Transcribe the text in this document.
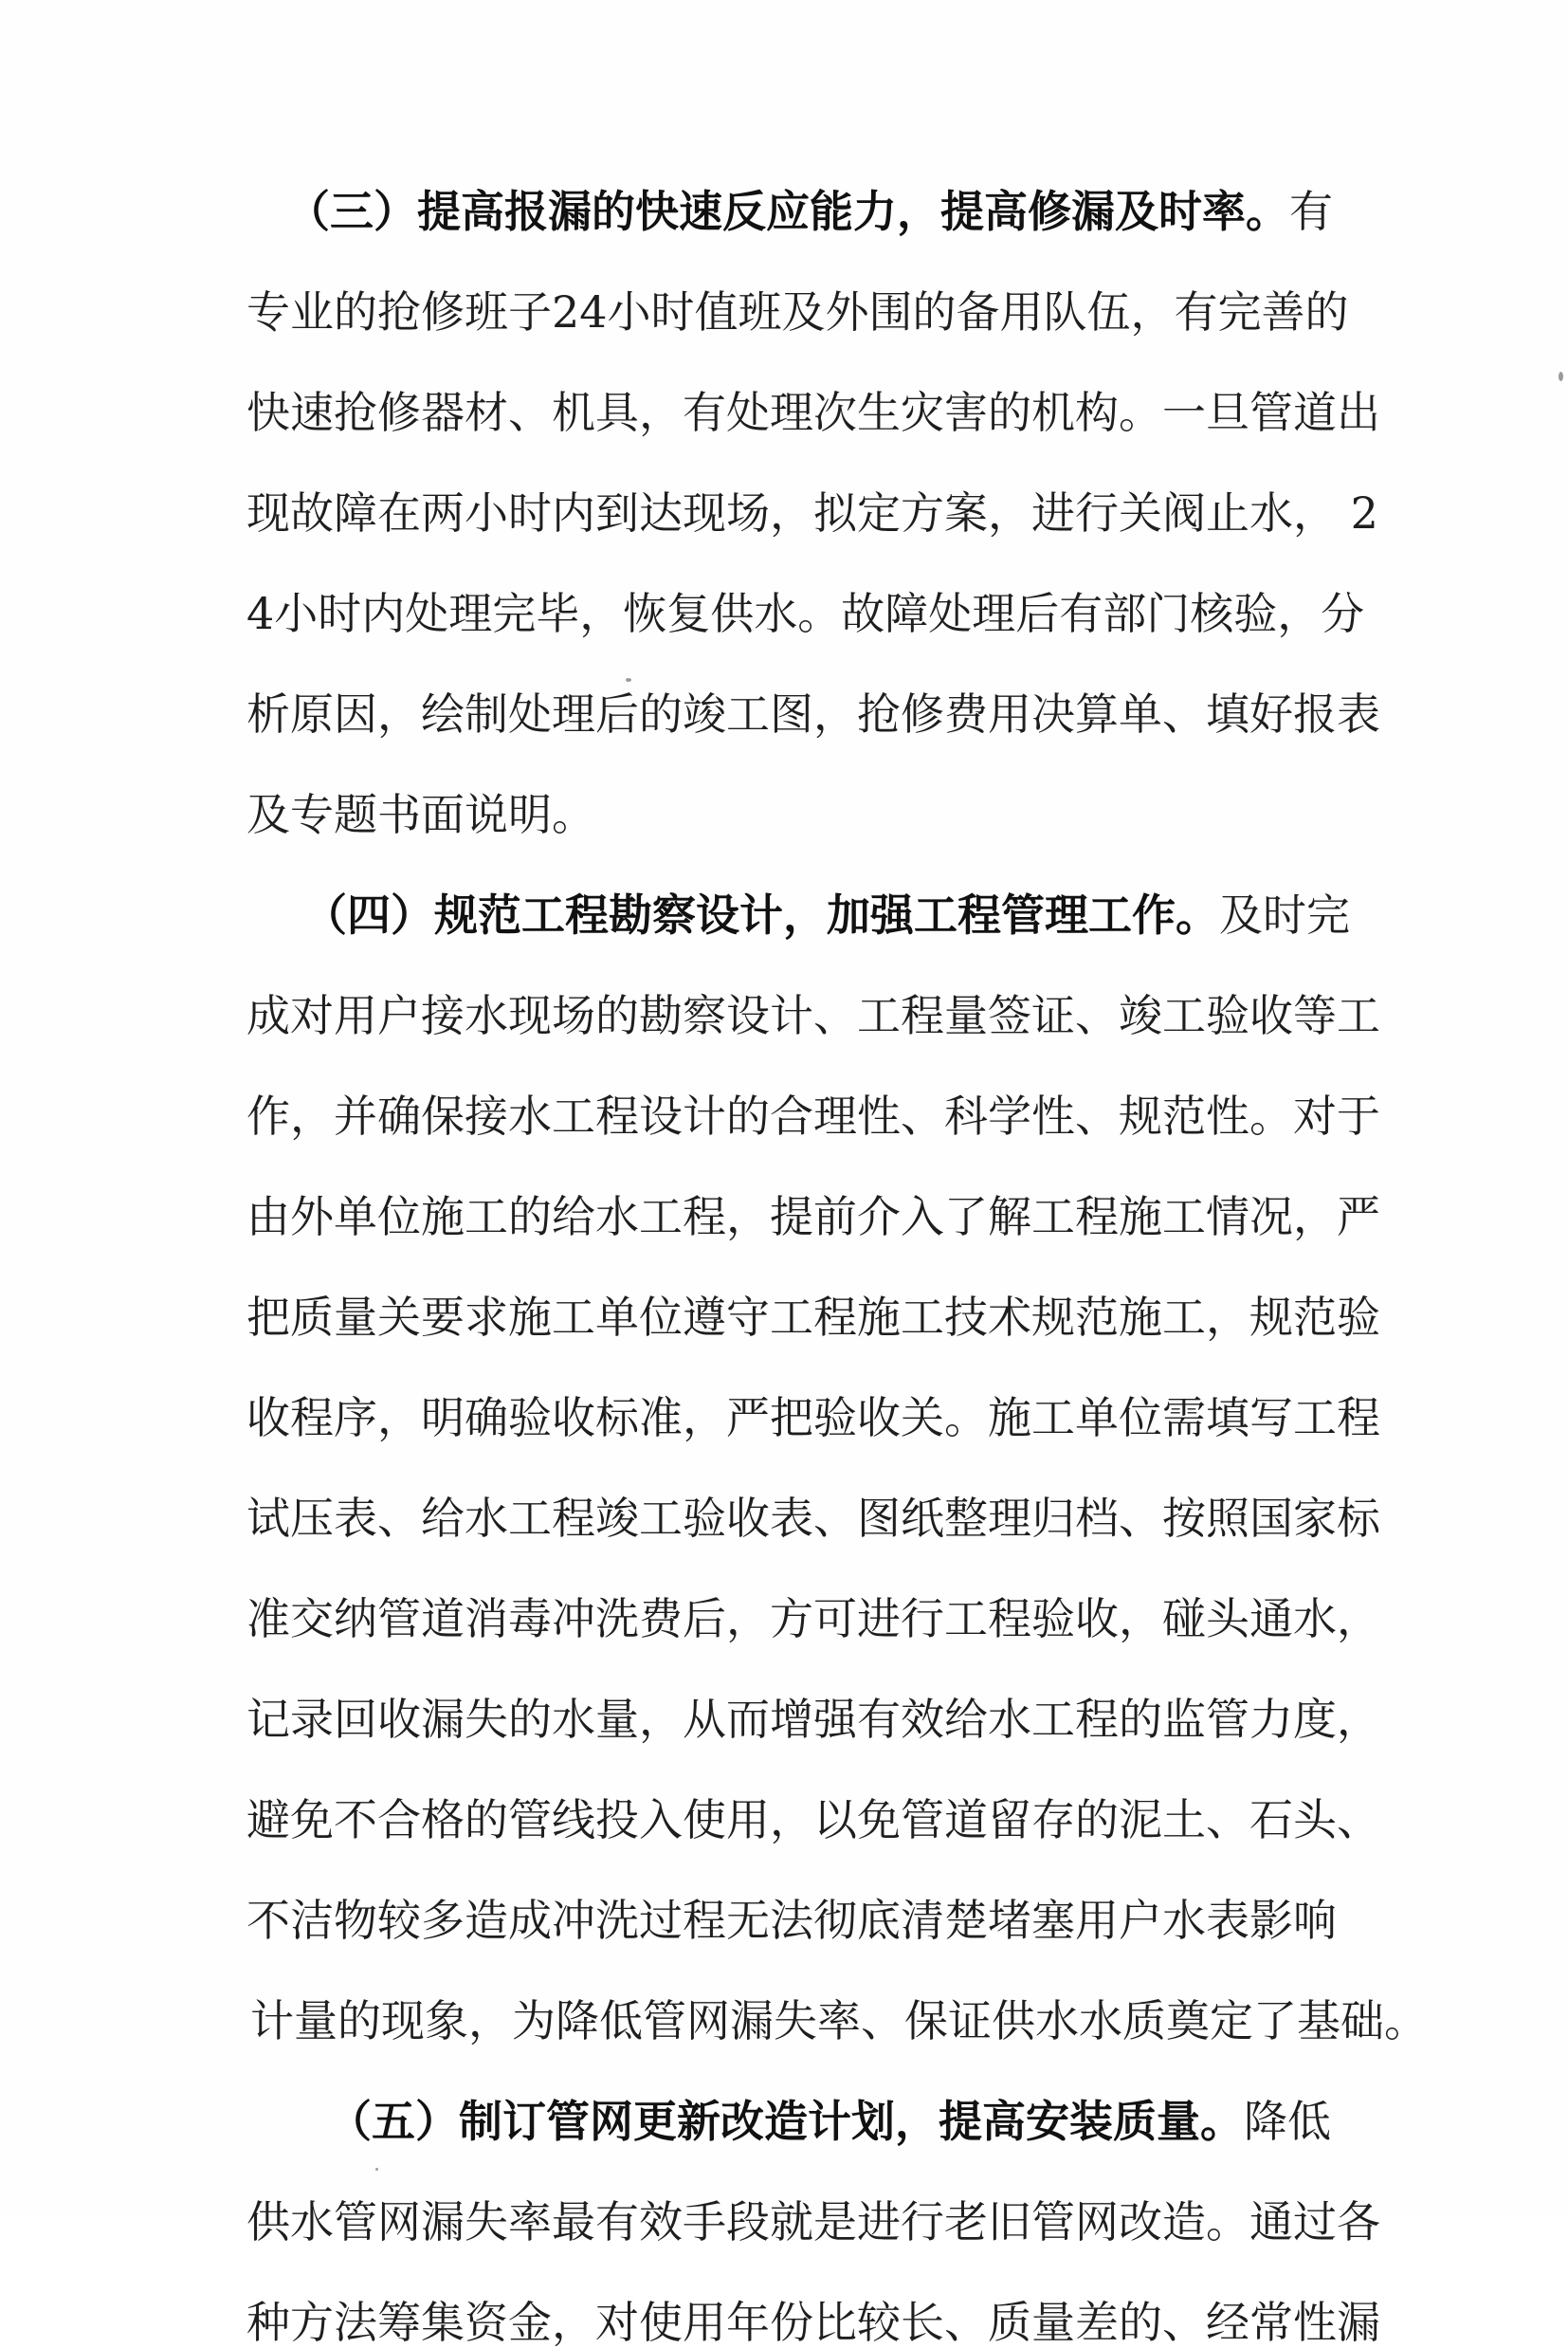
（三）提高报漏的快速反应能力，提高修漏及时率。有
专业的抢修班子24小时值班及外围的备用队伍，有完善的
快速抢修器材、机具，有处理次生灾害的机构。一旦管道出
现故障在两小时内到达现场，拟定方案，进行关阀止水， 2
4小时内处理完毕，恢复供水。故障处理后有部门核验，分
析原因，绘制处理后的竣工图，抢修费用决算单、填好报表
及专题书面说明。
（四）规范工程勘察设计，加强工程管理工作。及时完
成对用户接水现场的勘察设计、工程量签证、竣工验收等工
作，并确保接水工程设计的合理性、科学性、规范性。对于
由外单位施工的给水工程，提前介入了解工程施工情况，严
把质量关要求施工单位遵守工程施工技术规范施工，规范验
收程序，明确验收标准，严把验收关。施工单位需填写工程
试压表、给水工程竣工验收表、图纸整理归档、按照国家标
准交纳管道消毒冲洗费后，方可进行工程验收，碰头通水，
记录回收漏失的水量，从而增强有效给水工程的监管力度，
避免不合格的管线投入使用，以免管道留存的泥土、石头、
不洁物较多造成冲洗过程无法彻底清楚堵塞用户水表影响
计量的现象，为降低管网漏失率、保证供水水质奠定了基础。
（五）制订管网更新改造计划，提高安装质量。降低
供水管网漏失率最有效手段就是进行老旧管网改造。通过各
种方法筹集资金，对使用年份比较长、质量差的、经常性漏
